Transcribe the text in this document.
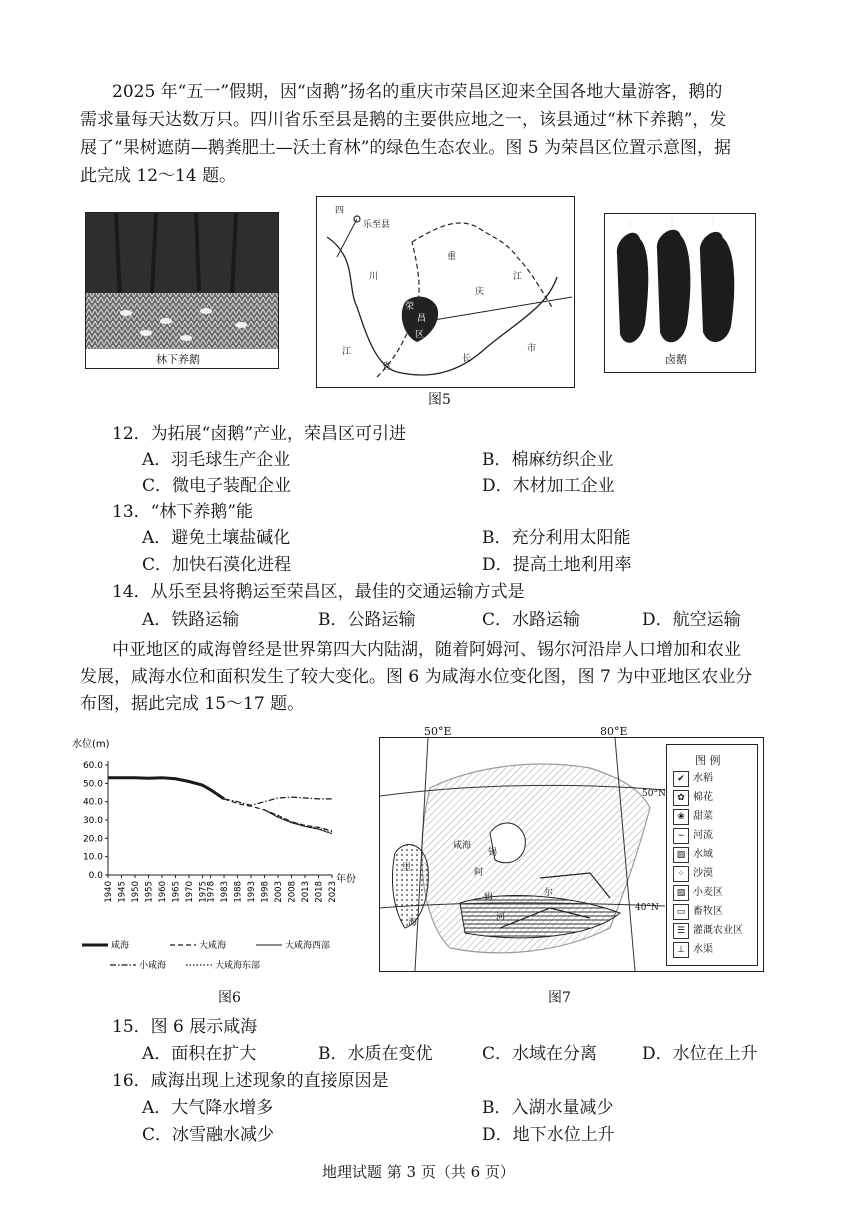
2025 年“五一”假期，因“卤鹅”扬名的重庆市荣昌区迎来全国各地大量游客，鹅的
需求量每天达数万只。四川省乐至县是鹅的主要供应地之一，该县通过“林下养鹅”，发
展了“果树遮荫—鹅粪肥土—沃土育林”的绿色生态农业。图 5 为荣昌区位置示意图，据
此完成 12～14 题。
林下养鹅
四
乐至县
川
江
省
重
庆
市
长
江
荣
昌
区
图5
卤鹅
12．为拓展“卤鹅”产业，荣昌区可引进
A．羽毛球生产企业	B．棉麻纺织企业
C．微电子装配企业	D．木材加工企业
13．“林下养鹅”能
A．避免土壤盐碱化	B．充分利用太阳能
C．加快石漠化进程	D．提高土地利用率
14．从乐至县将鹅运至荣昌区，最佳的交通运输方式是
A．铁路运输	B．公路运输	C．水路运输	D．航空运输
中亚地区的咸海曾经是世界第四大内陆湖，随着阿姆河、锡尔河沿岸人口增加和农业
发展，咸海水位和面积发生了较大变化。图 6 为咸海水位变化图，图 7 为中亚地区农业分
布图，据此完成 15～17 题。
水位(m)
0.0
10.0
20.0
30.0
40.0
50.0
60.0
1940 1945 1950 1955 1960 1965 1970 1975
1978 1983 1988 1993 1998 2003 2008 2013 2018 2023
年份
咸海	大咸海	大咸海西部
小咸海	大咸海东部
图6
咸海
锡
阿
姆
河
尔
里
海
50°N
40°N
图 例
✔ 水稻
✿ 棉花
❀ 甜菜
∼ 河流
▨ 水域
⁘ 沙漠
▧ 小麦区
▭ 畜牧区
☰ 灌溉农业区
⊥ 水渠
50°E	80°E
图7
15．图 6 展示咸海
A．面积在扩大	B．水质在变优	C．水域在分离	D．水位在上升
16．咸海出现上述现象的直接原因是
A．大气降水增多	B．入湖水量减少
C．冰雪融水减少	D．地下水位上升
地理试题 第 3 页（共 6 页）
